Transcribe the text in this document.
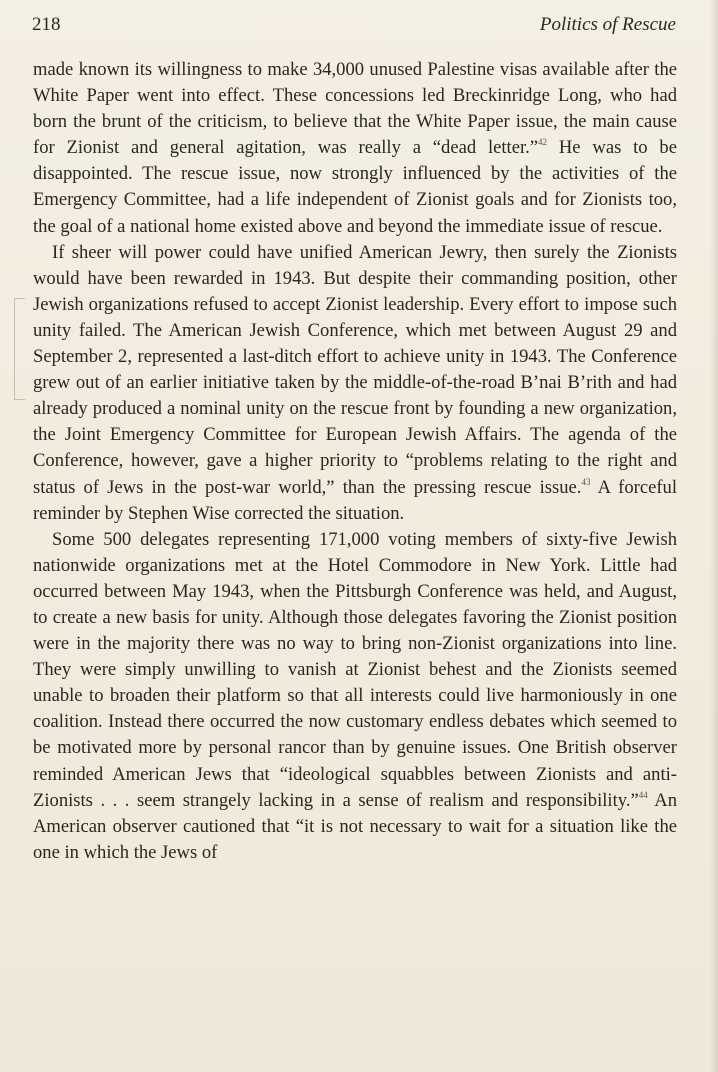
218	Politics of Rescue

made known its willingness to make 34,000 unused Palestine visas available after the White Paper went into effect. These concessions led Breckinridge Long, who had born the brunt of the criticism, to believe that the White Paper issue, the main cause for Zionist and general agitation, was really a “dead letter.”$^{42}$ He was to be disappointed. The rescue issue, now strongly influenced by the activities of the Emergency Committee, had a life independent of Zionist goals and for Zionists too, the goal of a national home existed above and beyond the immediate issue of rescue.

If sheer will power could have unified American Jewry, then surely the Zionists would have been rewarded in 1943. But despite their commanding position, other Jewish organizations refused to accept Zionist leadership. Every effort to impose such unity failed. The American Jewish Conference, which met between August 29 and September 2, represented a last-ditch effort to achieve unity in 1943. The Conference grew out of an earlier initiative taken by the middle-of-the-road B’nai B’rith and had already produced a nominal unity on the rescue front by founding a new organization, the Joint Emergency Committee for European Jewish Affairs. The agenda of the Conference, however, gave a higher priority to “problems relating to the right and status of Jews in the post-war world,” than the pressing rescue issue.$^{43}$ A forceful reminder by Stephen Wise corrected the situation.

Some 500 delegates representing 171,000 voting members of sixty-five Jewish nationwide organizations met at the Hotel Commodore in New York. Little had occurred between May 1943, when the Pittsburgh Conference was held, and August, to create a new basis for unity. Although those delegates favoring the Zionist position were in the majority there was no way to bring non-Zionist organizations into line. They were simply unwilling to vanish at Zionist behest and the Zionists seemed unable to broaden their platform so that all interests could live harmoniously in one coalition. Instead there occurred the now customary endless debates which seemed to be motivated more by personal rancor than by genuine issues. One British observer reminded American Jews that “ideological squabbles between Zionists and anti-Zionists . . . seem strangely lacking in a sense of realism and responsibility.”$^{44}$ An American observer cautioned that “it is not necessary to wait for a situation like the one in which the Jews of
